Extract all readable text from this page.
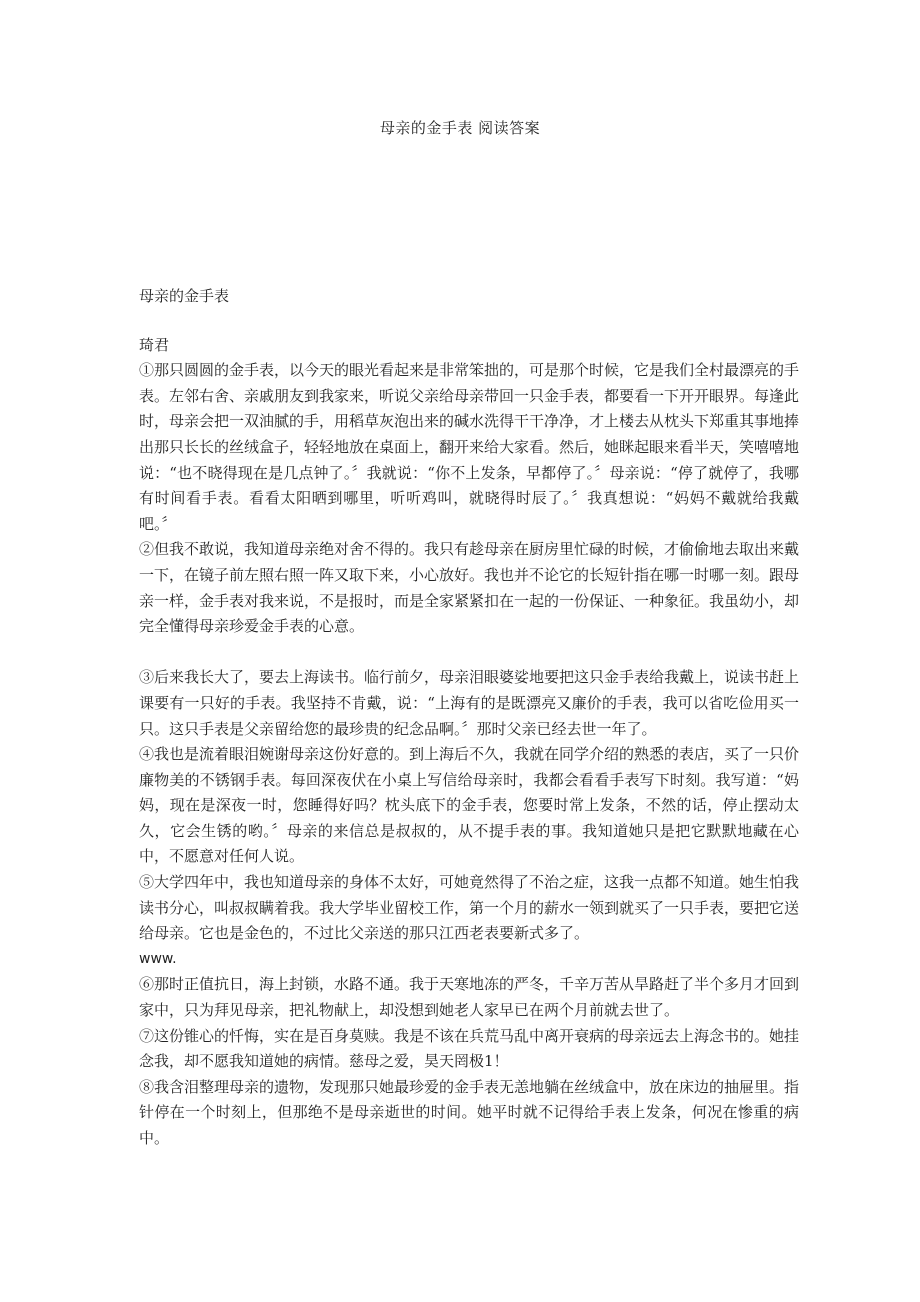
母亲的金手表 阅读答案

母亲的金手表

琦君

①那只圆圆的金手表，以今天的眼光看起来是非常笨拙的，可是那个时候，它是我们全村最漂亮的手表。左邻右舍、亲戚朋友到我家来，听说父亲给母亲带回一只金手表，都要看一下开开眼界。每逢此时，母亲会把一双油腻的手，用稻草灰泡出来的碱水洗得干干净净，才上楼去从枕头下郑重其事地捧出那只长长的丝绒盒子，轻轻地放在桌面上，翻开来给大家看。然后，她眯起眼来看半天，笑嘻嘻地说：“也不晓得现在是几点钟了。〞我就说：“你不上发条，早都停了。〞母亲说：“停了就停了，我哪有时间看手表。看看太阳晒到哪里，听听鸡叫，就晓得时辰了。〞我真想说：“妈妈不戴就给我戴吧。〞

②但我不敢说，我知道母亲绝对舍不得的。我只有趁母亲在厨房里忙碌的时候，才偷偷地去取出来戴一下，在镜子前左照右照一阵又取下来，小心放好。我也并不论它的长短针指在哪一时哪一刻。跟母亲一样，金手表对我来说，不是报时，而是全家紧紧扣在一起的一份保证、一种象征。我虽幼小，却完全懂得母亲珍爱金手表的心意。

③后来我长大了，要去上海读书。临行前夕，母亲泪眼婆娑地要把这只金手表给我戴上，说读书赶上课要有一只好的手表。我坚持不肯戴，说：“上海有的是既漂亮又廉价的手表，我可以省吃俭用买一只。这只手表是父亲留给您的最珍贵的纪念品啊。〞那时父亲已经去世一年了。

④我也是流着眼泪婉谢母亲这份好意的。到上海后不久，我就在同学介绍的熟悉的表店，买了一只价廉物美的不锈钢手表。每回深夜伏在小桌上写信给母亲时，我都会看看手表写下时刻。我写道：“妈妈，现在是深夜一时，您睡得好吗？枕头底下的金手表，您要时常上发条，不然的话，停止摆动太久，它会生锈的哟。〞母亲的来信总是叔叔的，从不提手表的事。我知道她只是把它默默地藏在心中，不愿意对任何人说。

⑤大学四年中，我也知道母亲的身体不太好，可她竟然得了不治之症，这我一点都不知道。她生怕我读书分心，叫叔叔瞒着我。我大学毕业留校工作，第一个月的薪水一领到就买了一只手表，要把它送给母亲。它也是金色的，不过比父亲送的那只江西老表要新式多了。

www.

⑥那时正值抗日，海上封锁，水路不通。我于天寒地冻的严冬，千辛万苦从旱路赶了半个多月才回到家中，只为拜见母亲，把礼物献上，却没想到她老人家早已在两个月前就去世了。

⑦这份锥心的忏悔，实在是百身莫赎。我是不该在兵荒马乱中离开衰病的母亲远去上海念书的。她挂念我，却不愿我知道她的病情。慈母之爱，昊天罔极1！

⑧我含泪整理母亲的遗物，发现那只她最珍爱的金手表无恙地躺在丝绒盒中，放在床边的抽屉里。指针停在一个时刻上，但那绝不是母亲逝世的时间。她平时就不记得给手表上发条，何况在惨重的病中。
